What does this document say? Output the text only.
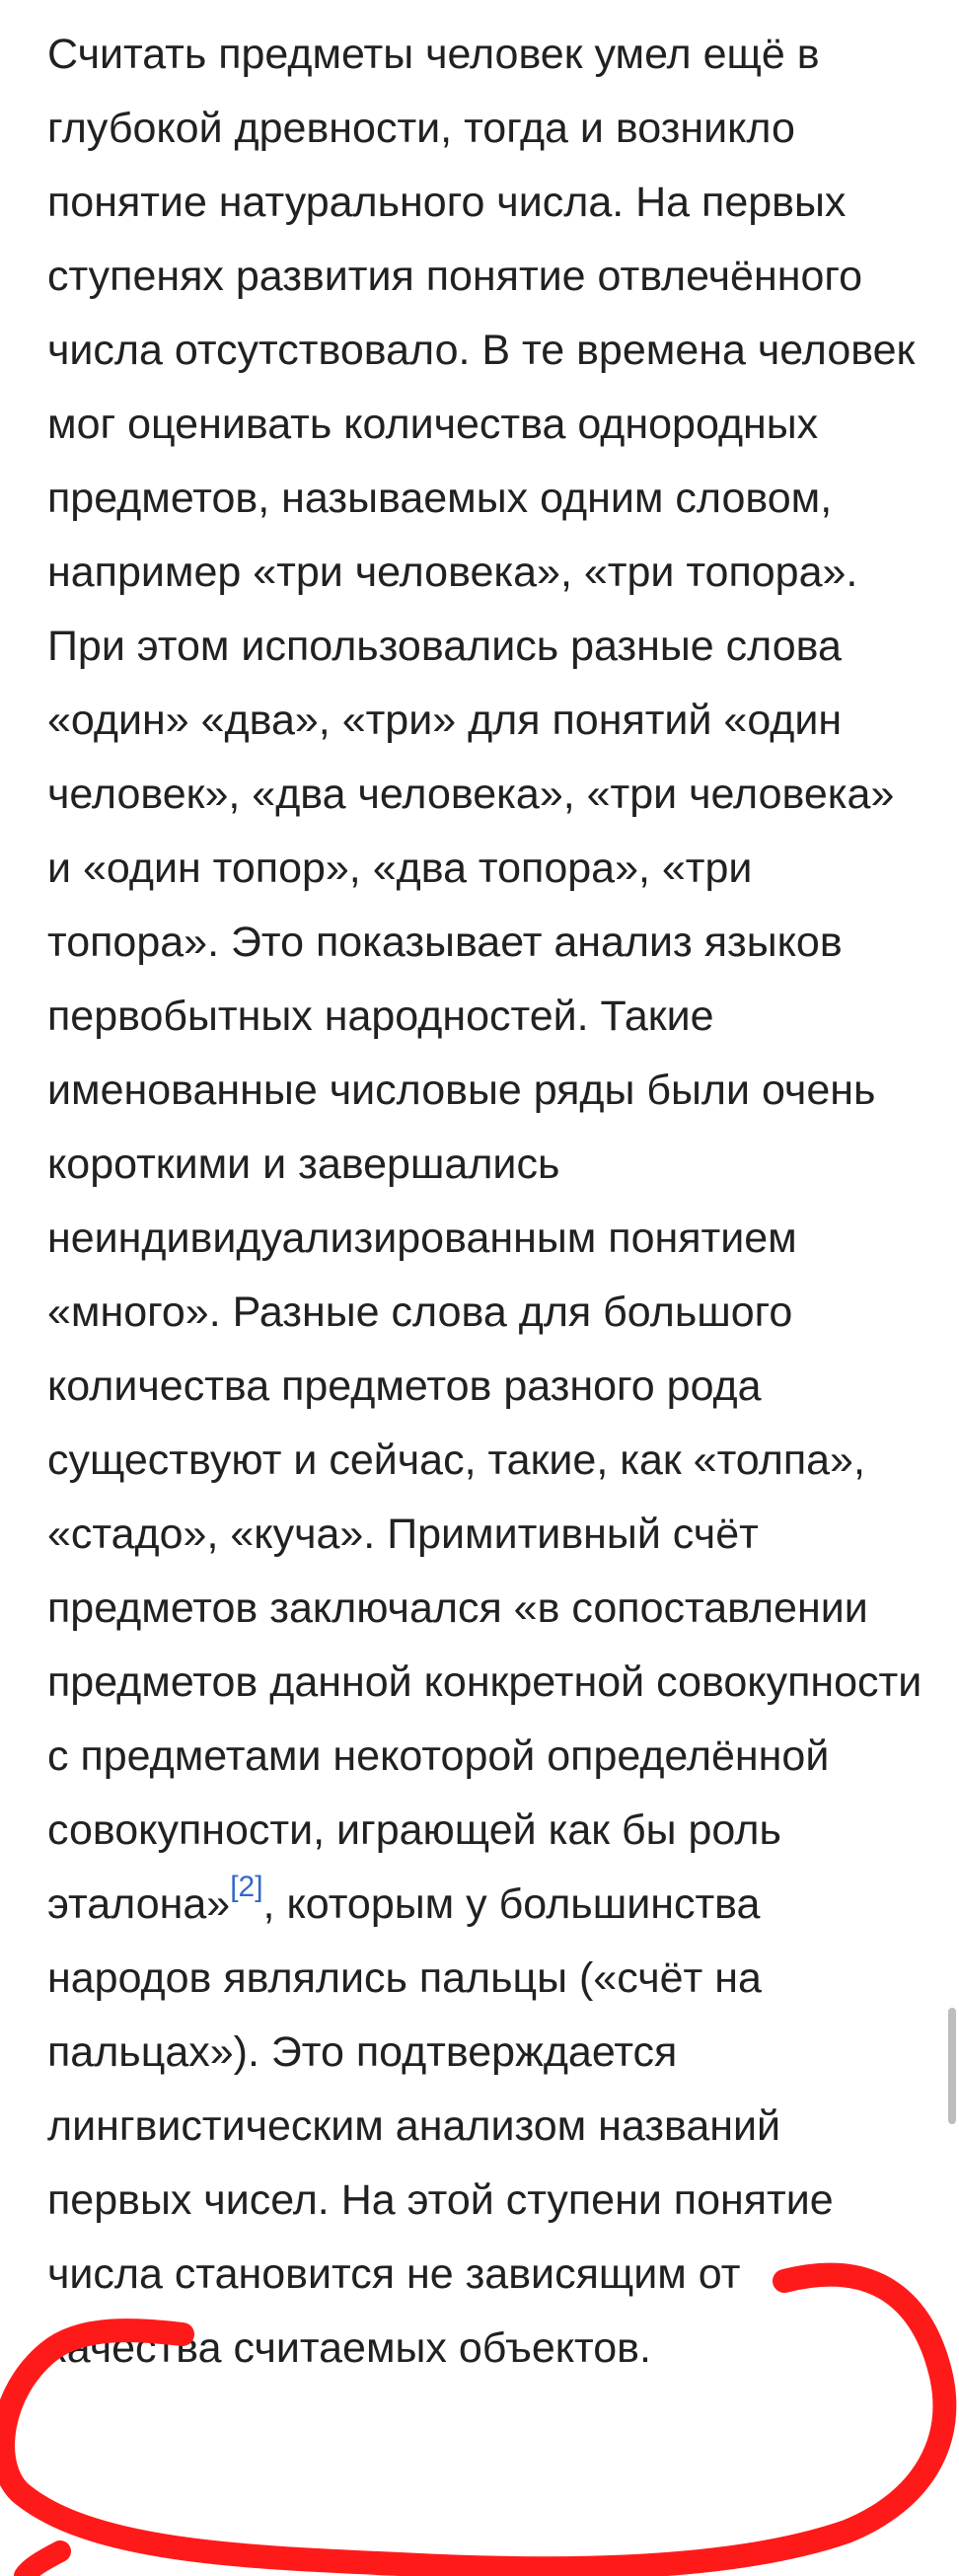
Считать предметы человек умел ещё в глубокой древности, тогда и возникло понятие натурального числа. На первых ступенях развития понятие отвлечённого числа отсутствовало. В те времена человек мог оценивать количества однородных предметов, называемых одним словом, например «три человека», «три топора». При этом использовались разные слова «один» «два», «три» для понятий «один человек», «два человека», «три человека» и «один топор», «два топора», «три топора». Это показывает анализ языков первобытных народностей. Такие именованные числовые ряды были очень короткими и завершались неиндивидуализированным понятием «много». Разные слова для большого количества предметов разного рода существуют и сейчас, такие, как «толпа», «стадо», «куча». Примитивный счёт предметов заключался «в сопоставлении предметов данной конкретной совокупности с предметами некоторой определённой совокупности, играющей как бы роль эталона»[2], которым у большинства народов являлись пальцы («счёт на пальцах»). Это подтверждается лингвистическим анализом названий первых чисел. На этой ступени понятие числа становится не зависящим от качества считаемых объектов.
